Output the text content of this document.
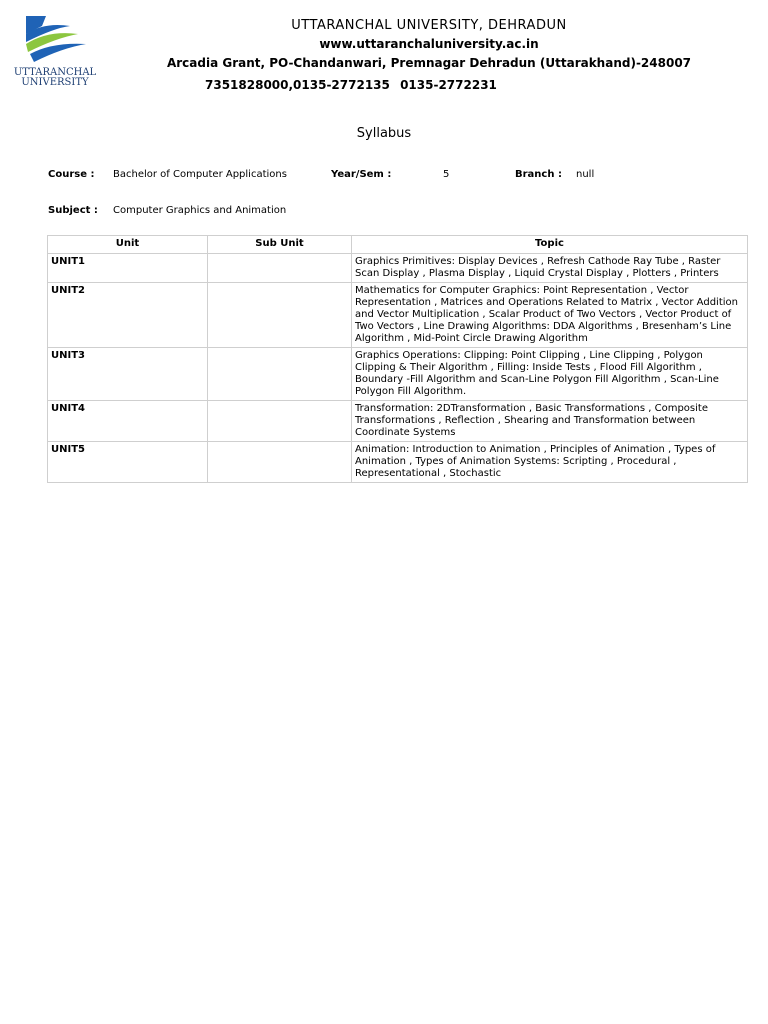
UTTARANCHAL
UNIVERSITY
UTTARANCHAL UNIVERSITY, DEHRADUN
www.uttaranchaluniversity.ac.in
Arcadia Grant, PO-Chandanwari, Premnagar Dehradun (Uttarakhand)-248007
7351828000,0135-2772135 0135-2772231
Syllabus
Course : Bachelor of Computer Applications	Year/Sem :	5	Branch : null
Subject : Computer Graphics and Animation
Unit	Sub Unit	Topic
UNIT1		Graphics Primitives: Display Devices , Refresh Cathode Ray Tube , Raster Scan Display , Plasma Display , Liquid Crystal Display , Plotters , Printers
UNIT2		Mathematics for Computer Graphics: Point Representation , Vector Representation , Matrices and Operations Related to Matrix , Vector Addition and Vector Multiplication , Scalar Product of Two Vectors , Vector Product of Two Vectors , Line Drawing Algorithms: DDA Algorithms , Bresenham’s Line Algorithm , Mid-Point Circle Drawing Algorithm
UNIT3		Graphics Operations: Clipping: Point Clipping , Line Clipping , Polygon Clipping & Their Algorithm , Filling: Inside Tests , Flood Fill Algorithm , Boundary -Fill Algorithm and Scan-Line Polygon Fill Algorithm , Scan-Line Polygon Fill Algorithm.
UNIT4		Transformation: 2DTransformation , Basic Transformations , Composite Transformations , Reflection , Shearing and Transformation between Coordinate Systems
UNIT5		Animation: Introduction to Animation , Principles of Animation , Types of Animation , Types of Animation Systems: Scripting , Procedural , Representational , Stochastic
